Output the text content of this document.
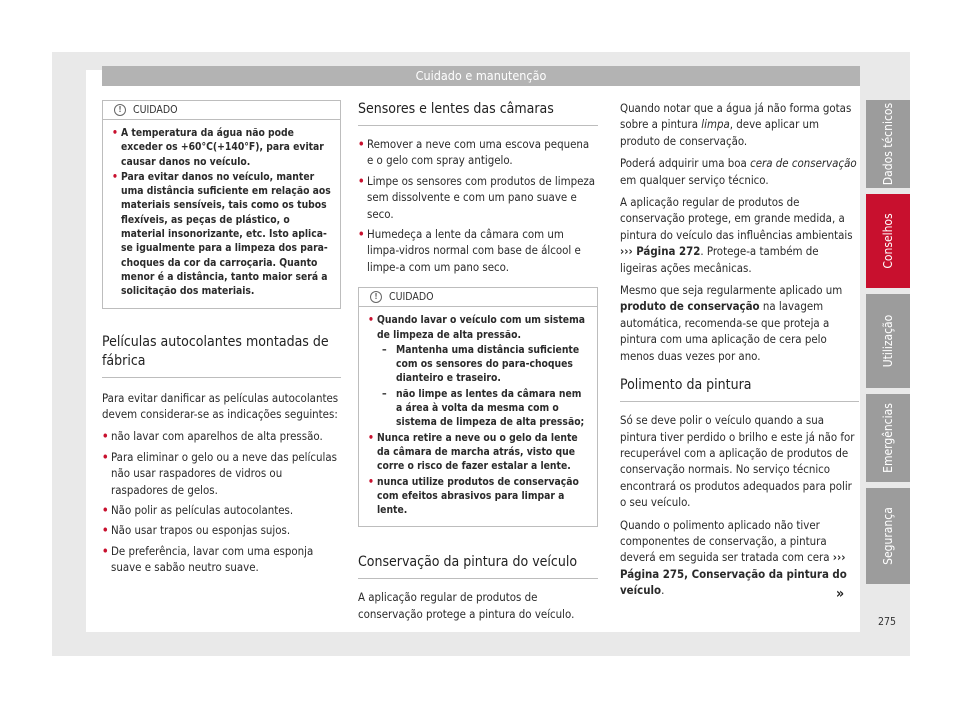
Cuidado e manutenção
!	CUIDADO
• A temperatura da água não pode exceder os +60°C(+140°F), para evitar causar danos no veículo.
• Para evitar danos no veículo, manter uma distância suficiente em relação aos materiais sensíveis, tais como os tubos flexíveis, as peças de plástico, o material insonorizante, etc. Isto aplica-se igualmente para a limpeza dos para-choques da cor da carroçaria. Quanto menor é a distância, tanto maior será a solicitação dos materiais.
Películas autocolantes montadas de fábrica

Para evitar danificar as películas autocolantes devem considerar-se as indicações seguintes:

• não lavar com aparelhos de alta pressão.
• Para eliminar o gelo ou a neve das películas não usar raspadores de vidros ou raspadores de gelos.
• Não polir as películas autocolantes.
• Não usar trapos ou esponjas sujos.
• De preferência, lavar com uma esponja suave e sabão neutro suave.
Sensores e lentes das câmaras
• Remover a neve com uma escova pequena e o gelo com spray antigelo.
• Limpe os sensores com produtos de limpeza sem dissolvente e com um pano suave e seco.
• Humedeça a lente da câmara com um limpa-vidros normal com base de álcool e limpe-a com um pano seco.
!	CUIDADO
• Quando lavar o veículo com um sistema de limpeza de alta pressão.
– Mantenha uma distância suficiente com os sensores do para-choques dianteiro e traseiro.
– não limpe as lentes da câmara nem a área à volta da mesma com o sistema de limpeza de alta pressão;
• Nunca retire a neve ou o gelo da lente da câmara de marcha atrás, visto que corre o risco de fazer estalar a lente.
• nunca utilize produtos de conservação com efeitos abrasivos para limpar a lente.
Conservação da pintura do veículo

A aplicação regular de produtos de conservação protege a pintura do veículo.

Quando notar que a água já não forma gotas sobre a pintura limpa, deve aplicar um produto de conservação.

Poderá adquirir uma boa cera de conservação em qualquer serviço técnico.

A aplicação regular de produtos de conservação protege, em grande medida, a pintura do veículo das influências ambientais ››› Página 272. Protege-a também de ligeiras ações mecânicas.

Mesmo que seja regularmente aplicado um produto de conservação na lavagem automática, recomenda-se que proteja a pintura com uma aplicação de cera pelo menos duas vezes por ano.

Polimento da pintura

Só se deve polir o veículo quando a sua pintura tiver perdido o brilho e este já não for recuperável com a aplicação de produtos de conservação normais. No serviço técnico encontrará os produtos adequados para polir o seu veículo.

Quando o polimento aplicado não tiver componentes de conservação, a pintura deverá em seguida ser tratada com cera ››› Página 275, Conservação da pintura do veículo.	»
Dados técnicos
Conselhos
Utilização
Emergências
Segurança
275
